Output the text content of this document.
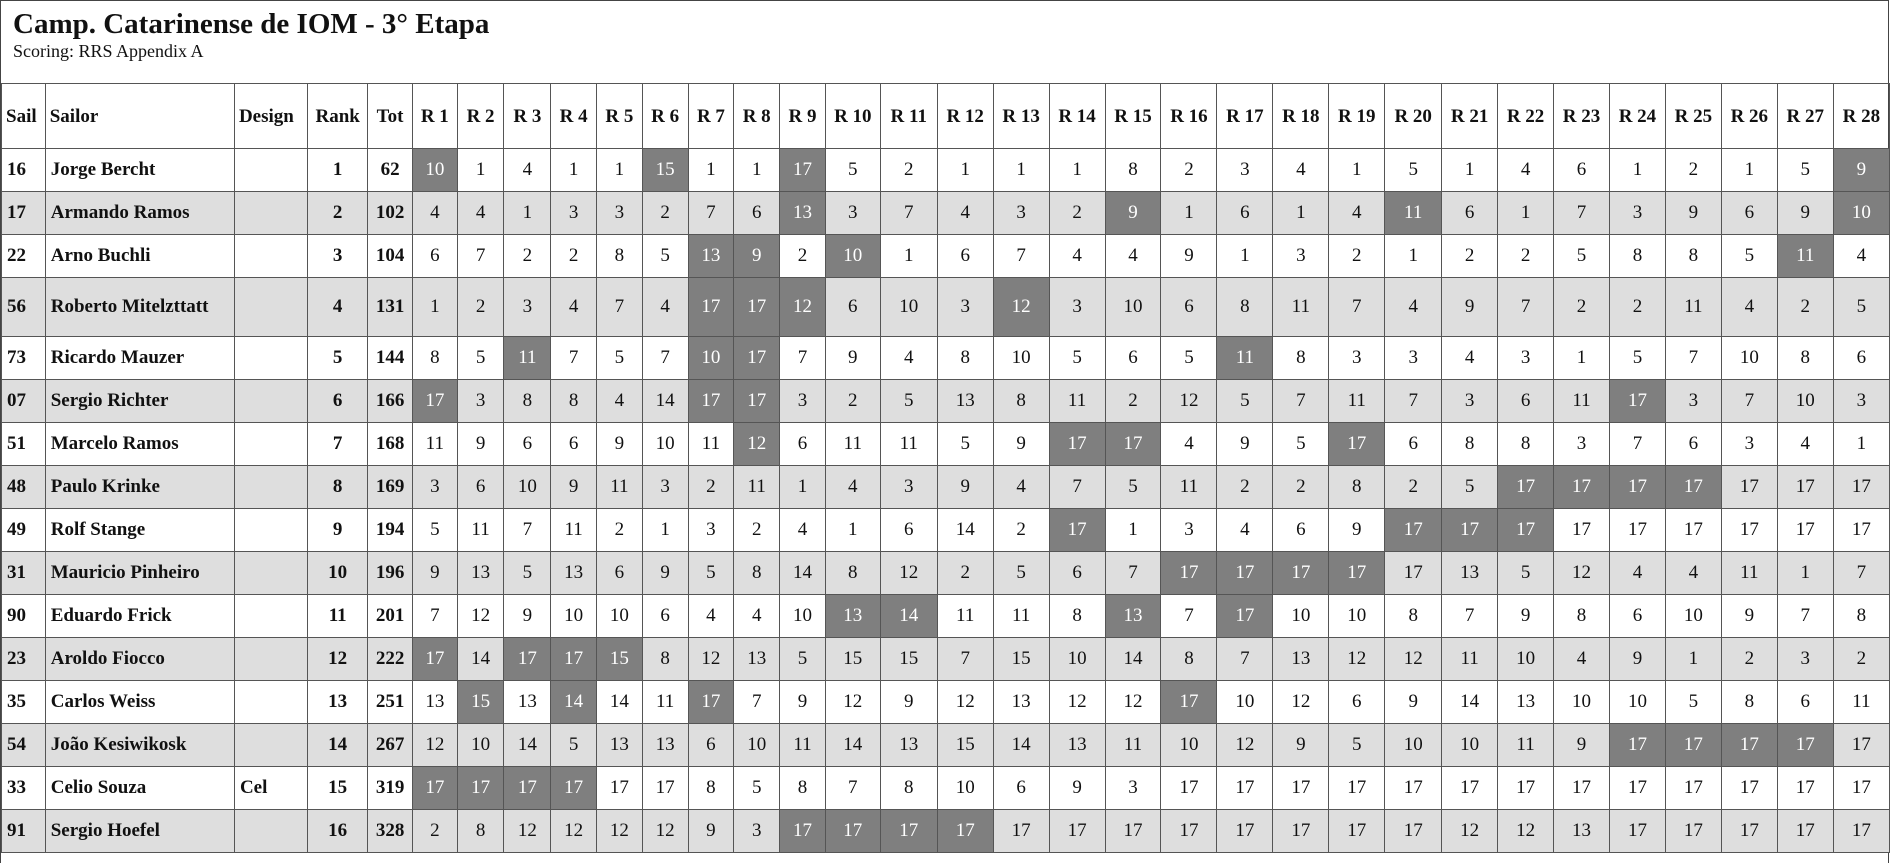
Camp. Catarinense de IOM - 3° Etapa
Scoring: RRS Appendix A
Sail	Sailor	Design	Rank	Tot	R 1	R 2	R 3	R 4	R 5	R 6	R 7	R 8	R 9	R 10	R 11	R 12	R 13	R 14	R 15	R 16	R 17	R 18	R 19	R 20	R 21	R 22	R 23	R 24	R 25	R 26	R 27	R 28
16	Jorge Bercht		1	62	10	1	4	1	1	15	1	1	17	5	2	1	1	1	8	2	3	4	1	5	1	4	6	1	2	1	5	9
17	Armando Ramos		2	102	4	4	1	3	3	2	7	6	13	3	7	4	3	2	9	1	6	1	4	11	6	1	7	3	9	6	9	10
22	Arno Buchli		3	104	6	7	2	2	8	5	13	9	2	10	1	6	7	4	4	9	1	3	2	1	2	2	5	8	8	5	11	4
56	Roberto Mitelzttatt		4	131	1	2	3	4	7	4	17	17	12	6	10	3	12	3	10	6	8	11	7	4	9	7	2	2	11	4	2	5
73	Ricardo Mauzer		5	144	8	5	11	7	5	7	10	17	7	9	4	8	10	5	6	5	11	8	3	3	4	3	1	5	7	10	8	6
07	Sergio Richter		6	166	17	3	8	8	4	14	17	17	3	2	5	13	8	11	2	12	5	7	11	7	3	6	11	17	3	7	10	3
51	Marcelo Ramos		7	168	11	9	6	6	9	10	11	12	6	11	11	5	9	17	17	4	9	5	17	6	8	8	3	7	6	3	4	1
48	Paulo Krinke		8	169	3	6	10	9	11	3	2	11	1	4	3	9	4	7	5	11	2	2	8	2	5	17	17	17	17	17	17	17
49	Rolf Stange		9	194	5	11	7	11	2	1	3	2	4	1	6	14	2	17	1	3	4	6	9	17	17	17	17	17	17	17	17	17
31	Mauricio Pinheiro		10	196	9	13	5	13	6	9	5	8	14	8	12	2	5	6	7	17	17	17	17	17	13	5	12	4	4	11	1	7
90	Eduardo Frick		11	201	7	12	9	10	10	6	4	4	10	13	14	11	11	8	13	7	17	10	10	8	7	9	8	6	10	9	7	8
23	Aroldo Fiocco		12	222	17	14	17	17	15	8	12	13	5	15	15	7	15	10	14	8	7	13	12	12	11	10	4	9	1	2	3	2
35	Carlos Weiss		13	251	13	15	13	14	14	11	17	7	9	12	9	12	13	12	12	17	10	12	6	9	14	13	10	10	5	8	6	11
54	João Kesiwikosk		14	267	12	10	14	5	13	13	6	10	11	14	13	15	14	13	11	10	12	9	5	10	10	11	9	17	17	17	17	17
33	Celio Souza	Cel	15	319	17	17	17	17	17	17	8	5	8	7	8	10	6	9	3	17	17	17	17	17	17	17	17	17	17	17	17	17
91	Sergio Hoefel		16	328	2	8	12	12	12	12	9	3	17	17	17	17	17	17	17	17	17	17	17	17	12	12	13	17	17	17	17	17
